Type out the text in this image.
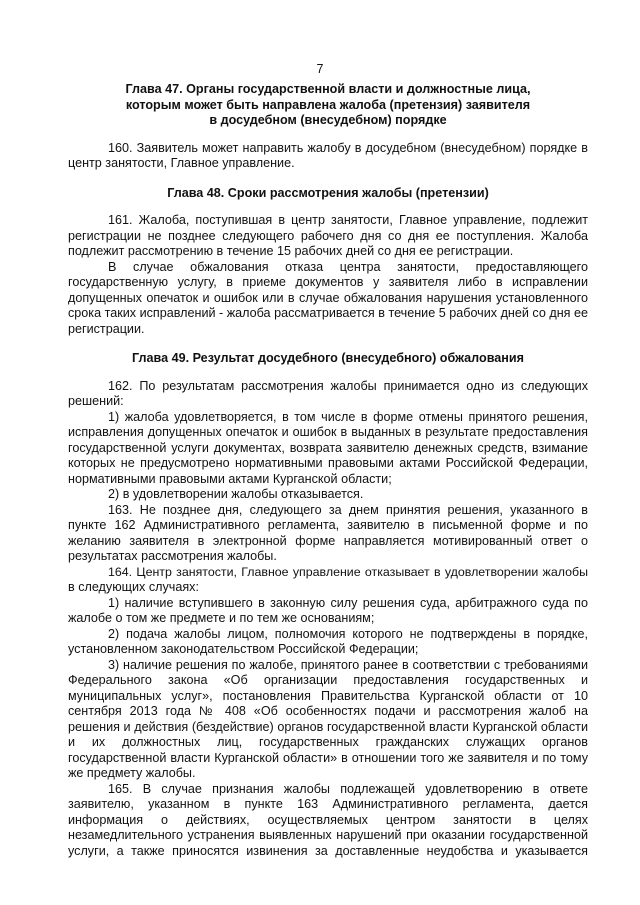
7
Глава 47. Органы государственной власти и должностные лица,
которым может быть направлена жалоба (претензия) заявителя
в досудебном (внесудебном) порядке
160. Заявитель может направить жалобу в досудебном (внесудебном) порядке в
центр занятости, Главное управление.
Глава 48. Сроки рассмотрения жалобы (претензии)
161. Жалоба, поступившая в центр занятости, Главное управление, подлежит
регистрации не позднее следующего рабочего дня со дня ее поступления. Жалоба
подлежит рассмотрению в течение 15 рабочих дней со дня ее регистрации.
В случае обжалования отказа центра занятости, предоставляющего
государственную услугу, в приеме документов у заявителя либо в исправлении
допущенных опечаток и ошибок или в случае обжалования нарушения установленного
срока таких исправлений - жалоба рассматривается в течение 5 рабочих дней со дня ее
регистрации.
Глава 49. Результат досудебного (внесудебного) обжалования
162. По результатам рассмотрения жалобы принимается одно из следующих
решений:
1) жалоба удовлетворяется, в том числе в форме отмены принятого решения,
исправления допущенных опечаток и ошибок в выданных в результате предоставления
государственной услуги документах, возврата заявителю денежных средств, взимание
которых не предусмотрено нормативными правовыми актами Российской Федерации,
нормативными правовыми актами Курганской области;
2) в удовлетворении жалобы отказывается.
163. Не позднее дня, следующего за днем принятия решения, указанного в
пункте 162 Административного регламента, заявителю в письменной форме и по
желанию заявителя в электронной форме направляется мотивированный ответ о
результатах рассмотрения жалобы.
164. Центр занятости, Главное управление отказывает в удовлетворении жалобы
в следующих случаях:
1) наличие вступившего в законную силу решения суда, арбитражного суда по
жалобе о том же предмете и по тем же основаниям;
2) подача жалобы лицом, полномочия которого не подтверждены в порядке,
установленном законодательством Российской Федерации;
3) наличие решения по жалобе, принятого ранее в соответствии с требованиями
Федерального закона «Об организации предоставления государственных и
муниципальных услуг», постановления Правительства Курганской области от 10
сентября 2013 года № 408 «Об особенностях подачи и рассмотрения жалоб на
решения и действия (бездействие) органов государственной власти Курганской области
и их должностных лиц, государственных гражданских служащих органов
государственной власти Курганской области» в отношении того же заявителя и по тому
же предмету жалобы.
165. В случае признания жалобы подлежащей удовлетворению в ответе
заявителю, указанном в пункте 163 Административного регламента, дается
информация о действиях, осуществляемых центром занятости в целях
незамедлительного устранения выявленных нарушений при оказании государственной
услуги, а также приносятся извинения за доставленные неудобства и указывается
